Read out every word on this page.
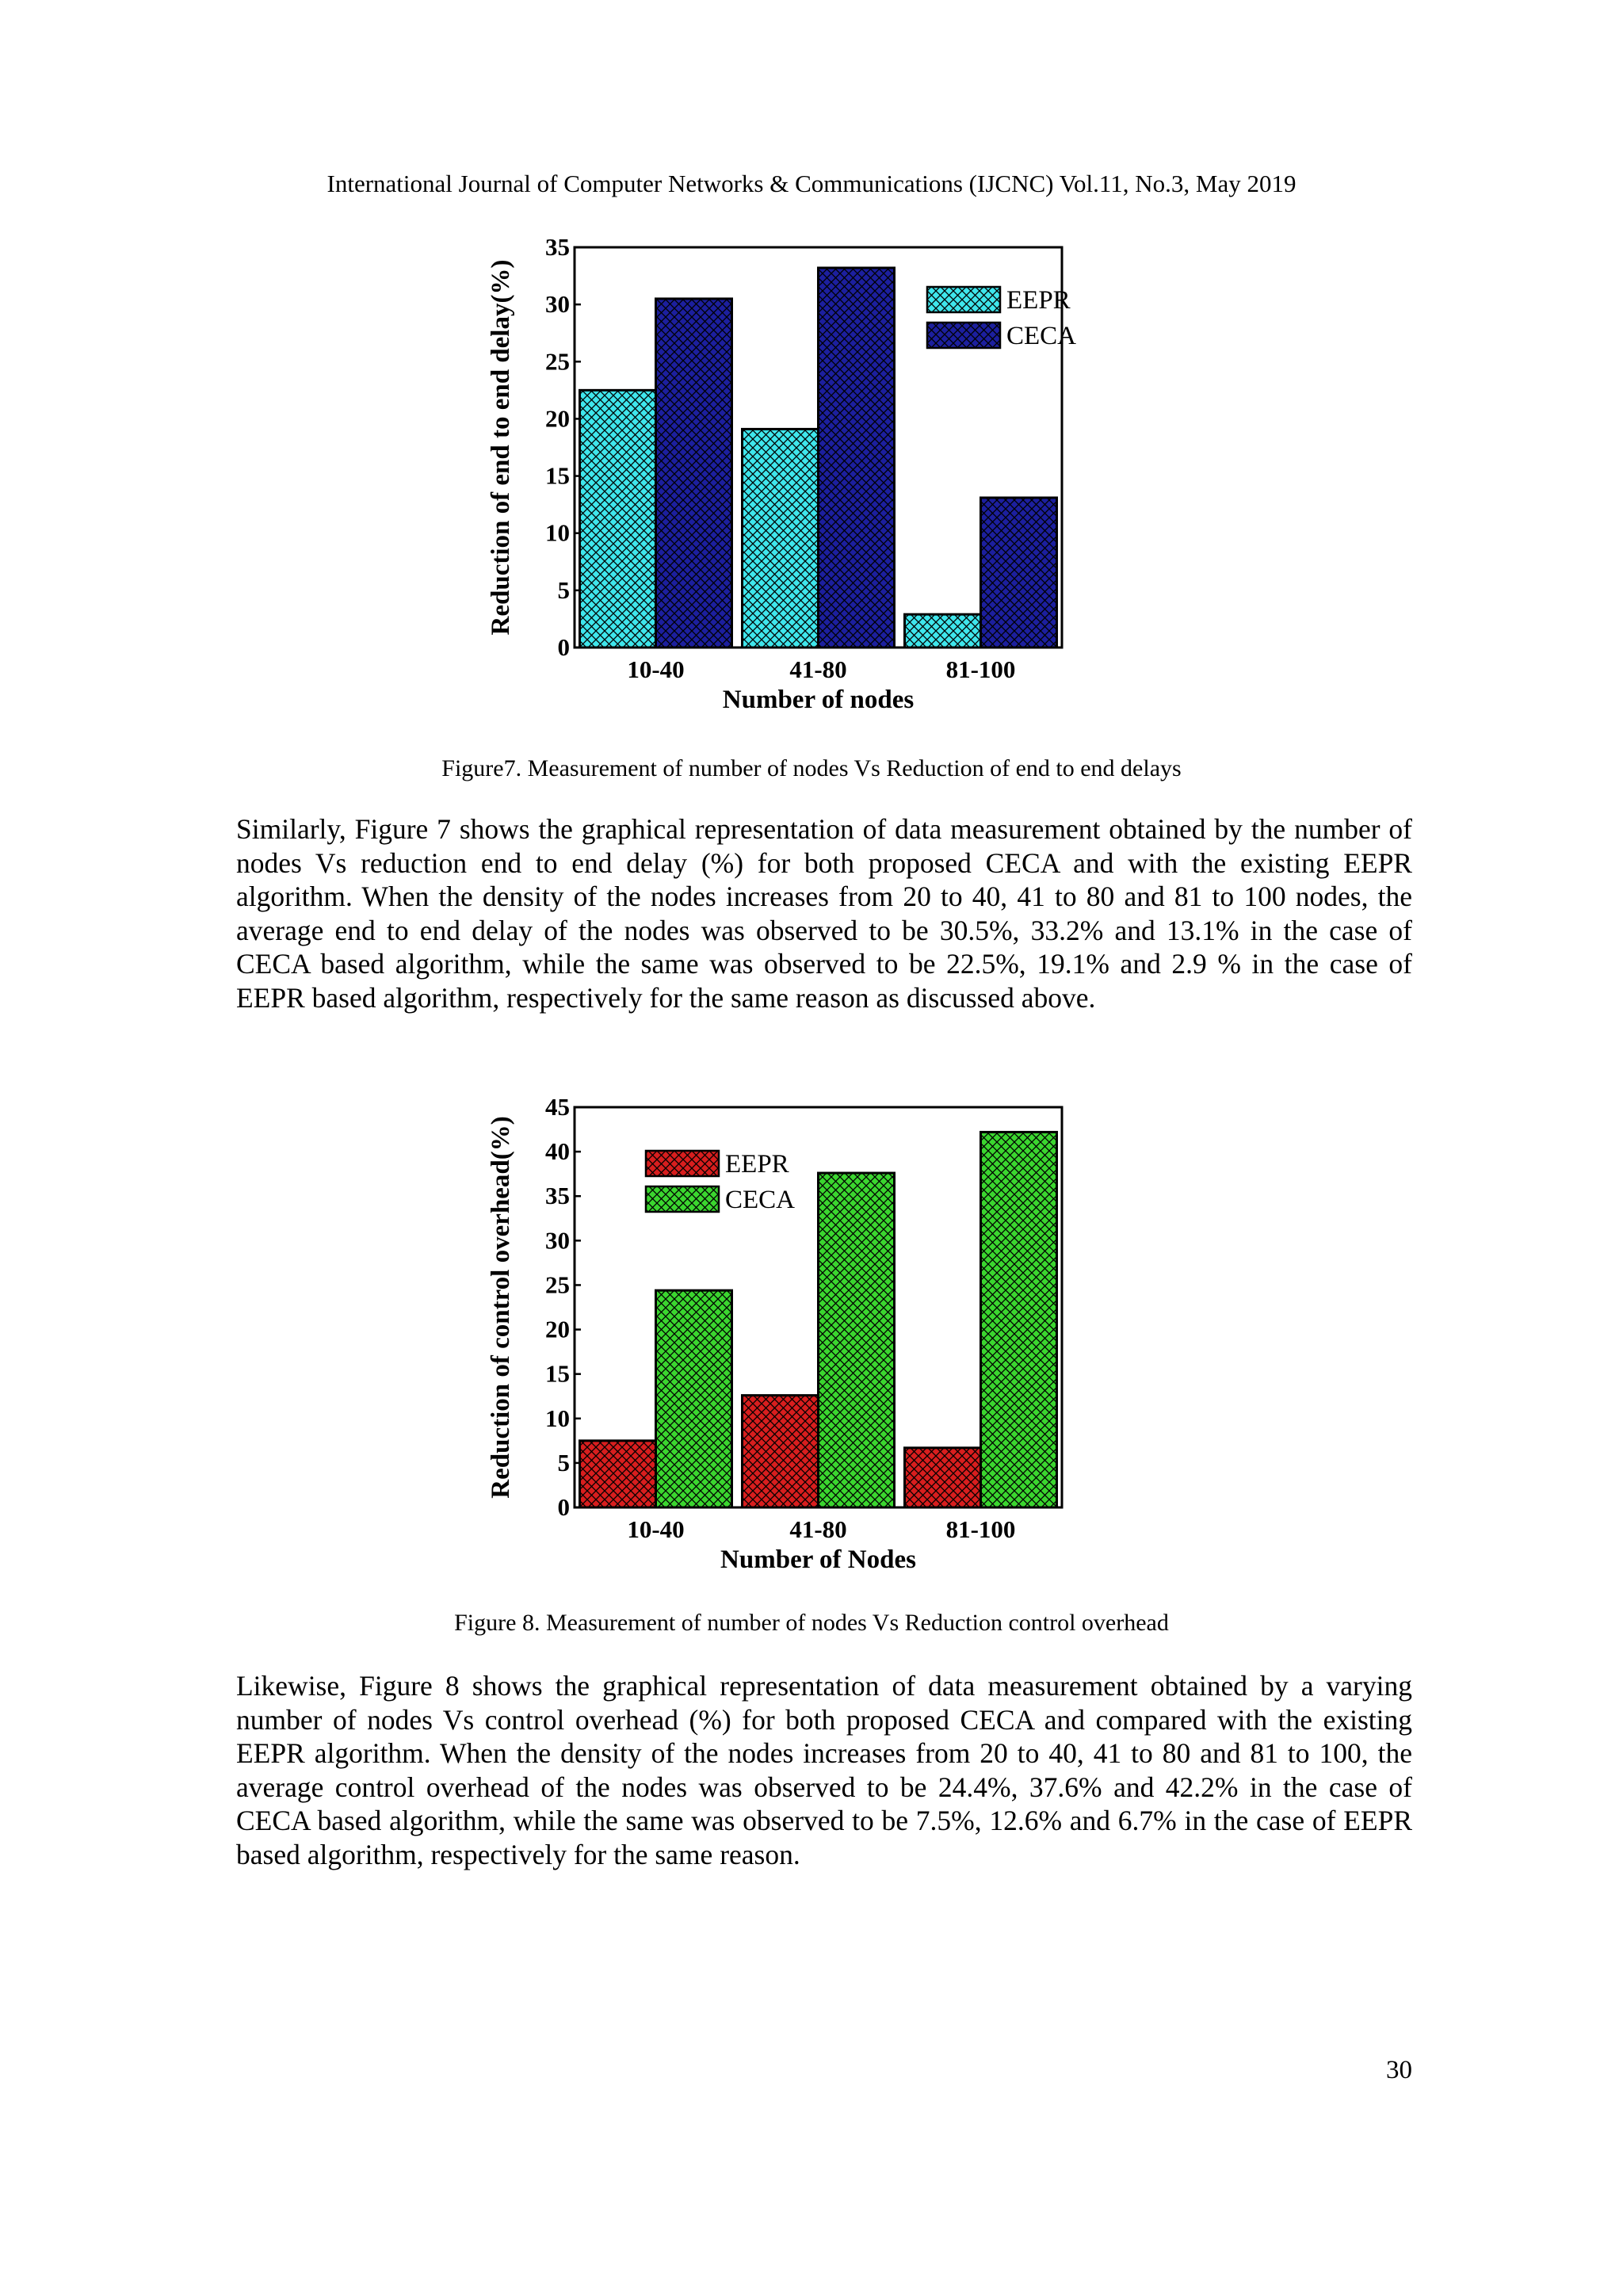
International Journal of Computer Networks & Communications (IJCNC) Vol.11, No.3, May 2019
0
5
10
15
20
25
30
35
10-40	41-80	81-100
Number of nodes
Reduction of end to end delay(%)	EEPR
CECA
Figure7. Measurement of number of nodes Vs Reduction of end to end delays

Similarly, Figure 7 shows the graphical representation of data measurement obtained by the number of nodes Vs reduction end to end delay (%) for both proposed CECA and with the existing EEPR algorithm. When the density of the nodes increases from 20 to 40, 41 to 80 and 81 to 100 nodes, the average end to end delay of the nodes was observed to be 30.5%, 33.2% and 13.1% in the case of CECA based algorithm, while the same was observed to be 22.5%, 19.1% and 2.9 % in the case of EEPR based algorithm, respectively for the same reason as discussed above.

0
5
10
15
20
25
30
35
40
45
10-40	41-80	81-100
Number of Nodes
Reduction of control overhead(%)	EEPR
CECA
Figure 8. Measurement of number of nodes Vs Reduction control overhead

Likewise, Figure 8 shows the graphical representation of data measurement obtained by a varying number of nodes Vs control overhead (%) for both proposed CECA and compared with the existing EEPR algorithm. When the density of the nodes increases from 20 to 40, 41 to 80 and 81 to 100, the average control overhead of the nodes was observed to be 24.4%, 37.6% and 42.2% in the case of CECA based algorithm, while the same was observed to be 7.5%, 12.6% and 6.7% in the case of EEPR based algorithm, respectively for the same reason.

30
